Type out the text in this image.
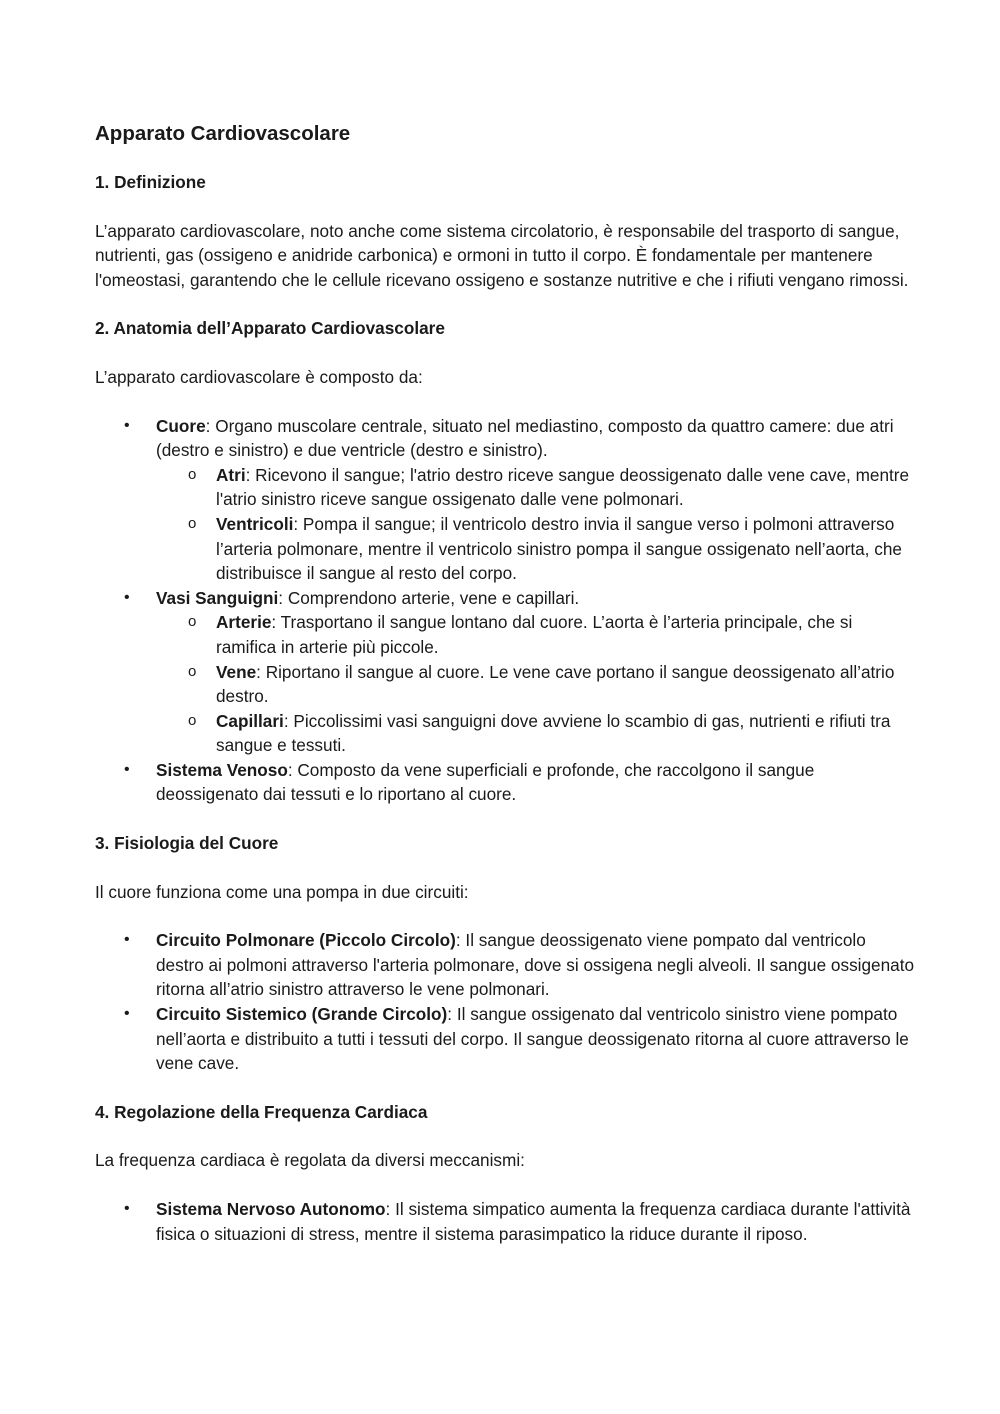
Apparato Cardiovascolare
1. Definizione

L’apparato cardiovascolare, noto anche come sistema circolatorio, è responsabile del trasporto di sangue, nutrienti, gas (ossigeno e anidride carbonica) e ormoni in tutto il corpo. È fondamentale per mantenere l'omeostasi, garantendo che le cellule ricevano ossigeno e sostanze nutritive e che i rifiuti vengano rimossi.

2. Anatomia dell’Apparato Cardiovascolare

L’apparato cardiovascolare è composto da:

• Cuore: Organo muscolare centrale, situato nel mediastino, composto da quattro camere: due atri (destro e sinistro) e due ventricle (destro e sinistro).
o Atri: Ricevono il sangue; l'atrio destro riceve sangue deossigenato dalle vene cave, mentre l'atrio sinistro riceve sangue ossigenato dalle vene polmonari.
o Ventricoli: Pompa il sangue; il ventricolo destro invia il sangue verso i polmoni attraverso l’arteria polmonare, mentre il ventricolo sinistro pompa il sangue ossigenato nell’aorta, che distribuisce il sangue al resto del corpo.
• Vasi Sanguigni: Comprendono arterie, vene e capillari.
o Arterie: Trasportano il sangue lontano dal cuore. L’aorta è l’arteria principale, che si ramifica in arterie più piccole.
o Vene: Riportano il sangue al cuore. Le vene cave portano il sangue deossigenato all’atrio destro.
o Capillari: Piccolissimi vasi sanguigni dove avviene lo scambio di gas, nutrienti e rifiuti tra sangue e tessuti.
• Sistema Venoso: Composto da vene superficiali e profonde, che raccolgono il sangue deossigenato dai tessuti e lo riportano al cuore.
3. Fisiologia del Cuore

Il cuore funziona come una pompa in due circuiti:

• Circuito Polmonare (Piccolo Circolo): Il sangue deossigenato viene pompato dal ventricolo destro ai polmoni attraverso l'arteria polmonare, dove si ossigena negli alveoli. Il sangue ossigenato ritorna all’atrio sinistro attraverso le vene polmonari.
• Circuito Sistemico (Grande Circolo): Il sangue ossigenato dal ventricolo sinistro viene pompato nell’aorta e distribuito a tutti i tessuti del corpo. Il sangue deossigenato ritorna al cuore attraverso le vene cave.
4. Regolazione della Frequenza Cardiaca

La frequenza cardiaca è regolata da diversi meccanismi:

• Sistema Nervoso Autonomo: Il sistema simpatico aumenta la frequenza cardiaca durante l'attività fisica o situazioni di stress, mentre il sistema parasimpatico la riduce durante il riposo.
